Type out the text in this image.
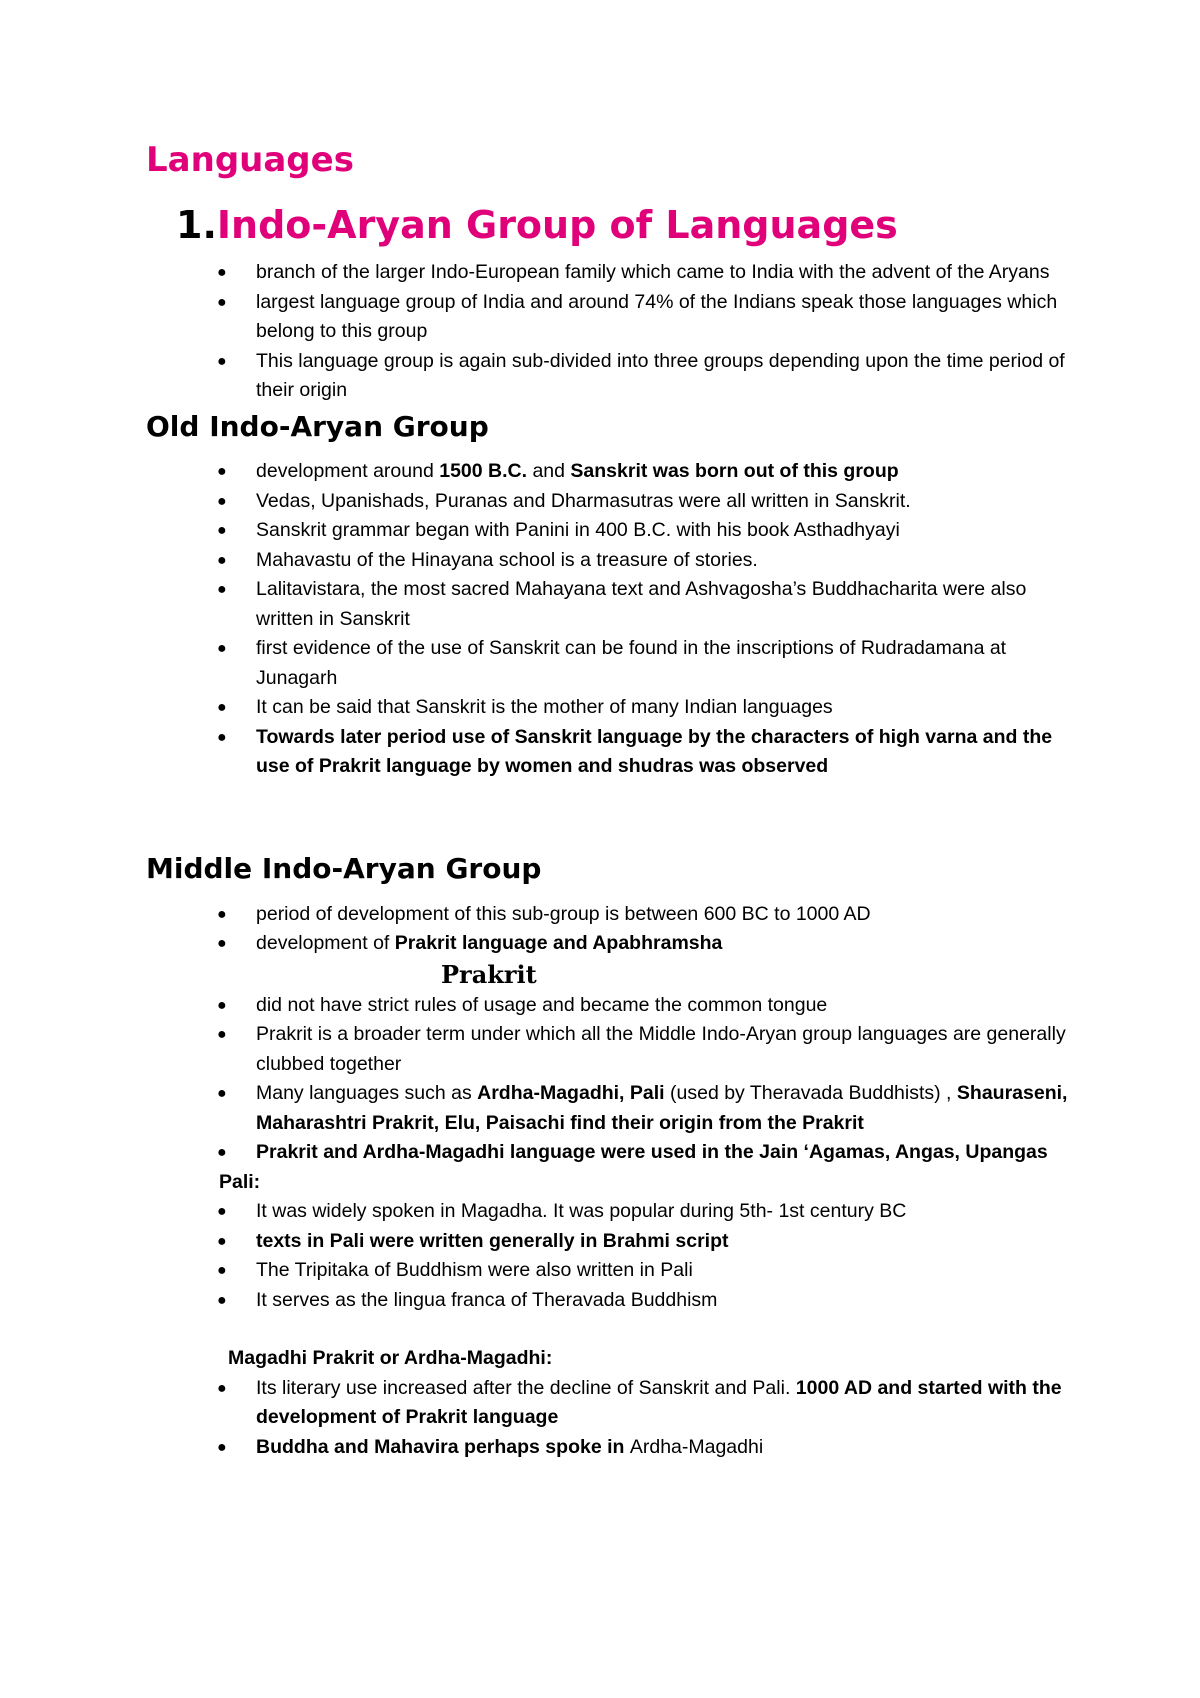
Languages
1.Indo-Aryan Group of Languages
● branch of the larger Indo-European family which came to India with the advent of the Aryans
● largest language group of India and around 74% of the Indians speak those languages which belong to this group
● This language group is again sub-divided into three groups depending upon the time period of their origin
Old Indo-Aryan Group
● development around 1500 B.C. and Sanskrit was born out of this group
● Vedas, Upanishads, Puranas and Dharmasutras were all written in Sanskrit.
● Sanskrit grammar began with Panini in 400 B.C. with his book Asthadhyayi
● Mahavastu of the Hinayana school is a treasure of stories.
● Lalitavistara, the most sacred Mahayana text and Ashvagosha’s Buddhacharita were also written in Sanskrit
● first evidence of the use of Sanskrit can be found in the inscriptions of Rudradamana at Junagarh
● It can be said that Sanskrit is the mother of many Indian languages
● Towards later period use of Sanskrit language by the characters of high varna and the use of Prakrit language by women and shudras was observed
Middle Indo-Aryan Group
● period of development of this sub-group is between 600 BC to 1000 AD
● development of Prakrit language and Apabhramsha
Prakrit
● did not have strict rules of usage and became the common tongue
● Prakrit is a broader term under which all the Middle Indo-Aryan group languages are generally clubbed together
● Many languages such as Ardha-Magadhi, Pali (used by Theravada Buddhists) , Shauraseni, Maharashtri Prakrit, Elu, Paisachi find their origin from the Prakrit
● Prakrit and Ardha-Magadhi language were used in the Jain ‘Agamas, Angas, Upangas
Pali:
● It was widely spoken in Magadha. It was popular during 5th- 1st century BC
● texts in Pali were written generally in Brahmi script
● The Tripitaka of Buddhism were also written in Pali
● It serves as the lingua franca of Theravada Buddhism
Magadhi Prakrit or Ardha-Magadhi:
● Its literary use increased after the decline of Sanskrit and Pali. 1000 AD and started with the development of Prakrit language
● Buddha and Mahavira perhaps spoke in Ardha-Magadhi
